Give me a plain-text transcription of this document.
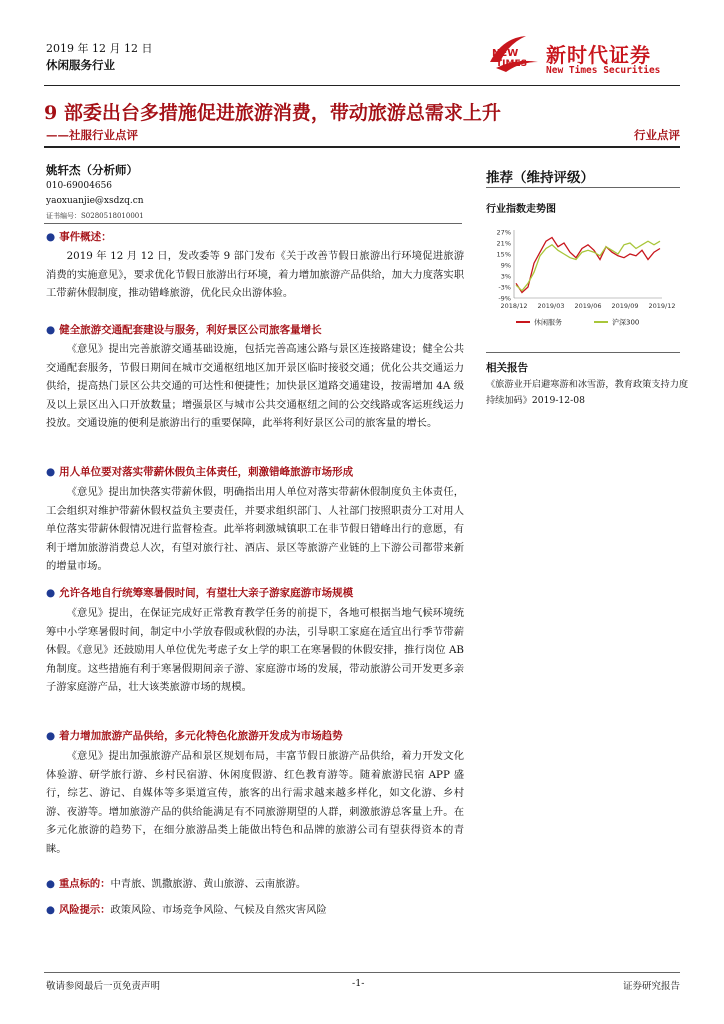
2019 年 12 月 12 日
休闲服务行业
NEW
TIMES 新时代证券
New Times Securities
9 部委出台多措施促进旅游消费，带动旅游总需求上升
——社服行业点评	行业点评
姚轩杰（分析师）
010-69004656
yaoxuanjie@xsdzq.cn
证书编号：S0280518010001
● 事件概述：

2019 年 12 月 12 日，发改委等 9 部门发布《关于改善节假日旅游出行环境促进旅游消费的实施意见》，要求优化节假日旅游出行环境，着力增加旅游产品供给，加大力度落实职工带薪休假制度，推动错峰旅游，优化民众出游体验。

● 健全旅游交通配套建设与服务，利好景区公司旅客量增长

《意见》提出完善旅游交通基础设施，包括完善高速公路与景区连接路建设；健全公共交通配套服务，节假日期间在城市交通枢纽地区加开景区临时接驳交通；优化公共交通运力供给，提高热门景区公共交通的可达性和便捷性；加快景区道路交通建设，按需增加 4A 级及以上景区出入口开放数量；增强景区与城市公共交通枢纽之间的公交线路或客运班线运力投放。交通设施的便利是旅游出行的重要保障，此举将利好景区公司的旅客量的增长。

● 用人单位要对落实带薪休假负主体责任，刺激错峰旅游市场形成

《意见》提出加快落实带薪休假，明确指出用人单位对落实带薪休假制度负主体责任，工会组织对维护带薪休假权益负主要责任，并要求组织部门、人社部门按照职责分工对用人单位落实带薪休假情况进行监督检查。此举将刺激城镇职工在非节假日错峰出行的意愿，有利于增加旅游消费总人次，有望对旅行社、酒店、景区等旅游产业链的上下游公司都带来新的增量市场。

● 允许各地自行统筹寒暑假时间，有望壮大亲子游家庭游市场规模

《意见》提出，在保证完成好正常教育教学任务的前提下，各地可根据当地气候环境统筹中小学寒暑假时间，制定中小学放春假或秋假的办法，引导职工家庭在适宜出行季节带薪休假。《意见》还鼓励用人单位优先考虑子女上学的职工在寒暑假的休假安排，推行岗位 AB 角制度。这些措施有利于寒暑假期间亲子游、家庭游市场的发展，带动旅游公司开发更多亲子游家庭游产品，壮大该类旅游市场的规模。

● 着力增加旅游产品供给，多元化特色化旅游开发成为市场趋势

《意见》提出加强旅游产品和景区规划布局，丰富节假日旅游产品供给，着力开发文化体验游、研学旅行游、乡村民宿游、休闲度假游、红色教育游等。随着旅游民宿 APP 盛行，综艺、游记、自媒体等多渠道宣传，旅客的出行需求越来越多样化，如文化游、乡村游、夜游等。增加旅游产品的供给能满足有不同旅游期望的人群，刺激旅游总客量上升。在多元化旅游的趋势下，在细分旅游品类上能做出特色和品牌的旅游公司有望获得资本的青睐。

● 重点标的：中青旅、凯撒旅游、黄山旅游、云南旅游。
● 风险提示：政策风险、市场竞争风险、气候及自然灾害风险
推荐（维持评级）
行业指数走势图
27%
21%
15%
9%
3%
-3%
-9%
2018/12 2019/03 2019/06 2019/09 2019/12
休闲服务	沪深300
相关报告
《旅游业开启避寒游和冰雪游，教育政策支持力度持续加码》2019-12-08
敬请参阅最后一页免责声明	-1-	证券研究报告
